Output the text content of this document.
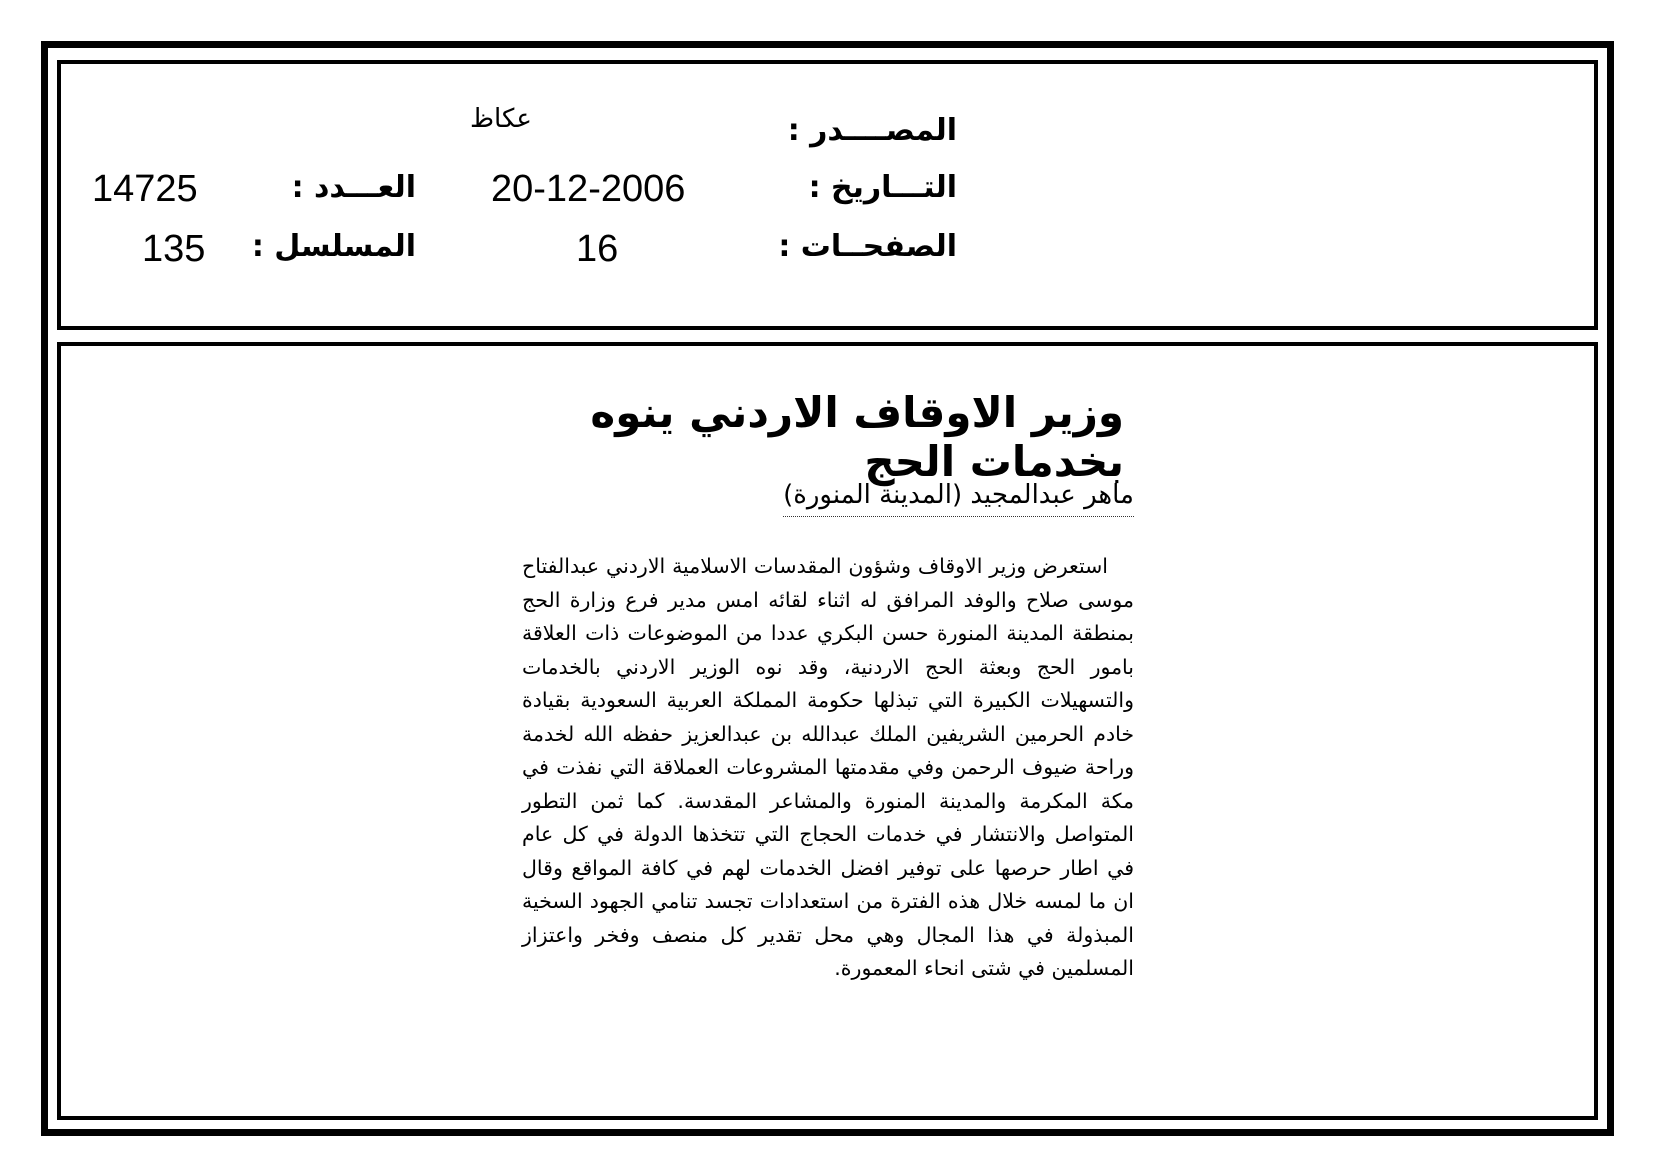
المصــــدر :
عكاظ
التـــاريخ :
20-12-2006
العـــدد :
14725
الصفحــات :
16
المسلسل :
135
وزير الاوقاف الاردني ينوه بخدمات الحج
ماهر عبدالمجيد (المدينة المنورة)
استعرض وزير الاوقاف وشؤون المقدسات الاسلامية الاردني عبدالفتاح موسى صلاح والوفد المرافق له اثناء لقائه امس مدير فرع وزارة الحج بمنطقة المدينة المنورة حسن البكري عددا من الموضوعات ذات العلاقة بامور الحج وبعثة الحج الاردنية، وقد نوه الوزير الاردني بالخدمات والتسهيلات الكبيرة التي تبذلها حكومة المملكة العربية السعودية بقيادة خادم الحرمين الشريفين الملك عبدالله بن عبدالعزيز حفظه الله لخدمة وراحة ضيوف الرحمن وفي مقدمتها المشروعات العملاقة التي نفذت في مكة المكرمة والمدينة المنورة والمشاعر المقدسة. كما ثمن التطور المتواصل والانتشار في خدمات الحجاج التي تتخذها الدولة في كل عام في اطار حرصها على توفير افضل الخدمات لهم في كافة المواقع وقال ان ما لمسه خلال هذه الفترة من استعدادات تجسد تنامي الجهود السخية المبذولة في هذا المجال وهي محل تقدير كل منصف وفخر واعتزاز المسلمين في شتى انحاء المعمورة.
